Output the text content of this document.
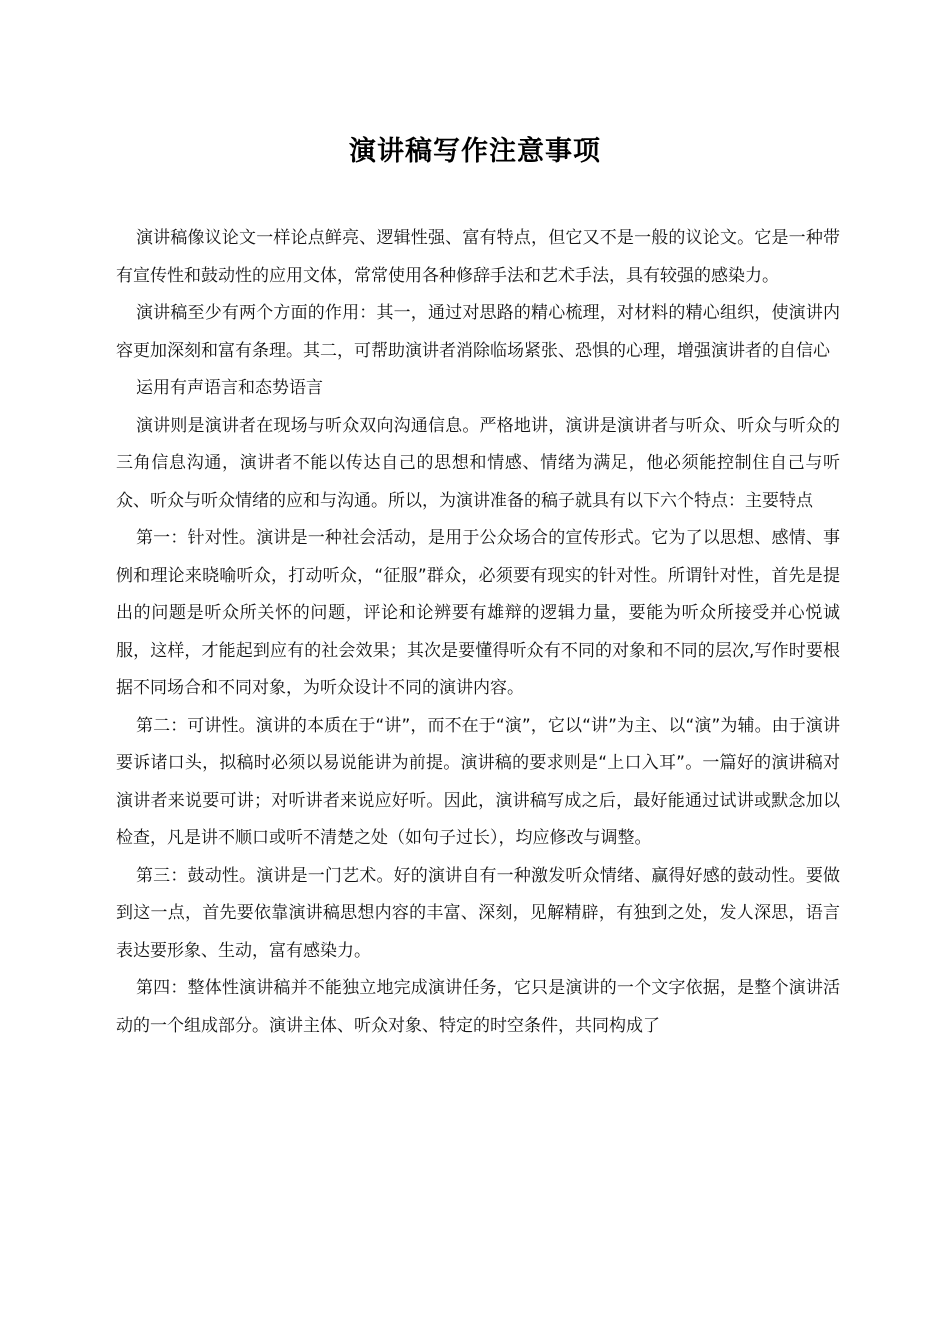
演讲稿写作注意事项

演讲稿像议论文一样论点鲜亮、逻辑性强、富有特点，但它又不是一般的议论文。它是一种带有宣传性和鼓动性的应用文体，常常使用各种修辞手法和艺术手法，具有较强的感染力。

演讲稿至少有两个方面的作用：其一，通过对思路的精心梳理，对材料的精心组织，使演讲内容更加深刻和富有条理。其二，可帮助演讲者消除临场紧张、恐惧的心理，增强演讲者的自信心

运用有声语言和态势语言

演讲则是演讲者在现场与听众双向沟通信息。严格地讲，演讲是演讲者与听众、听众与听众的三角信息沟通，演讲者不能以传达自己的思想和情感、情绪为满足，他必须能控制住自己与听众、听众与听众情绪的应和与沟通。所以，为演讲准备的稿子就具有以下六个特点：主要特点

第一：针对性。演讲是一种社会活动，是用于公众场合的宣传形式。它为了以思想、感情、事例和理论来晓喻听众，打动听众，“征服”群众，必须要有现实的针对性。所谓针对性，首先是提出的问题是听众所关怀的问题，评论和论辨要有雄辩的逻辑力量，要能为听众所接受并心悦诚服，这样，才能起到应有的社会效果；其次是要懂得听众有不同的对象和不同的层次,写作时要根据不同场合和不同对象，为听众设计不同的演讲内容。

第二：可讲性。演讲的本质在于“讲”，而不在于“演”，它以“讲”为主、以“演”为辅。由于演讲要诉诸口头，拟稿时必须以易说能讲为前提。演讲稿的要求则是“上口入耳”。一篇好的演讲稿对演讲者来说要可讲；对听讲者来说应好听。因此，演讲稿写成之后，最好能通过试讲或默念加以检查，凡是讲不顺口或听不清楚之处（如句子过长），均应修改与调整。

第三：鼓动性。演讲是一门艺术。好的演讲自有一种激发听众情绪、赢得好感的鼓动性。要做到这一点，首先要依靠演讲稿思想内容的丰富、深刻，见解精辟，有独到之处，发人深思，语言表达要形象、生动，富有感染力。

第四：整体性演讲稿并不能独立地完成演讲任务，它只是演讲的一个文字依据，是整个演讲活动的一个组成部分。演讲主体、听众对象、特定的时空条件，共同构成了
